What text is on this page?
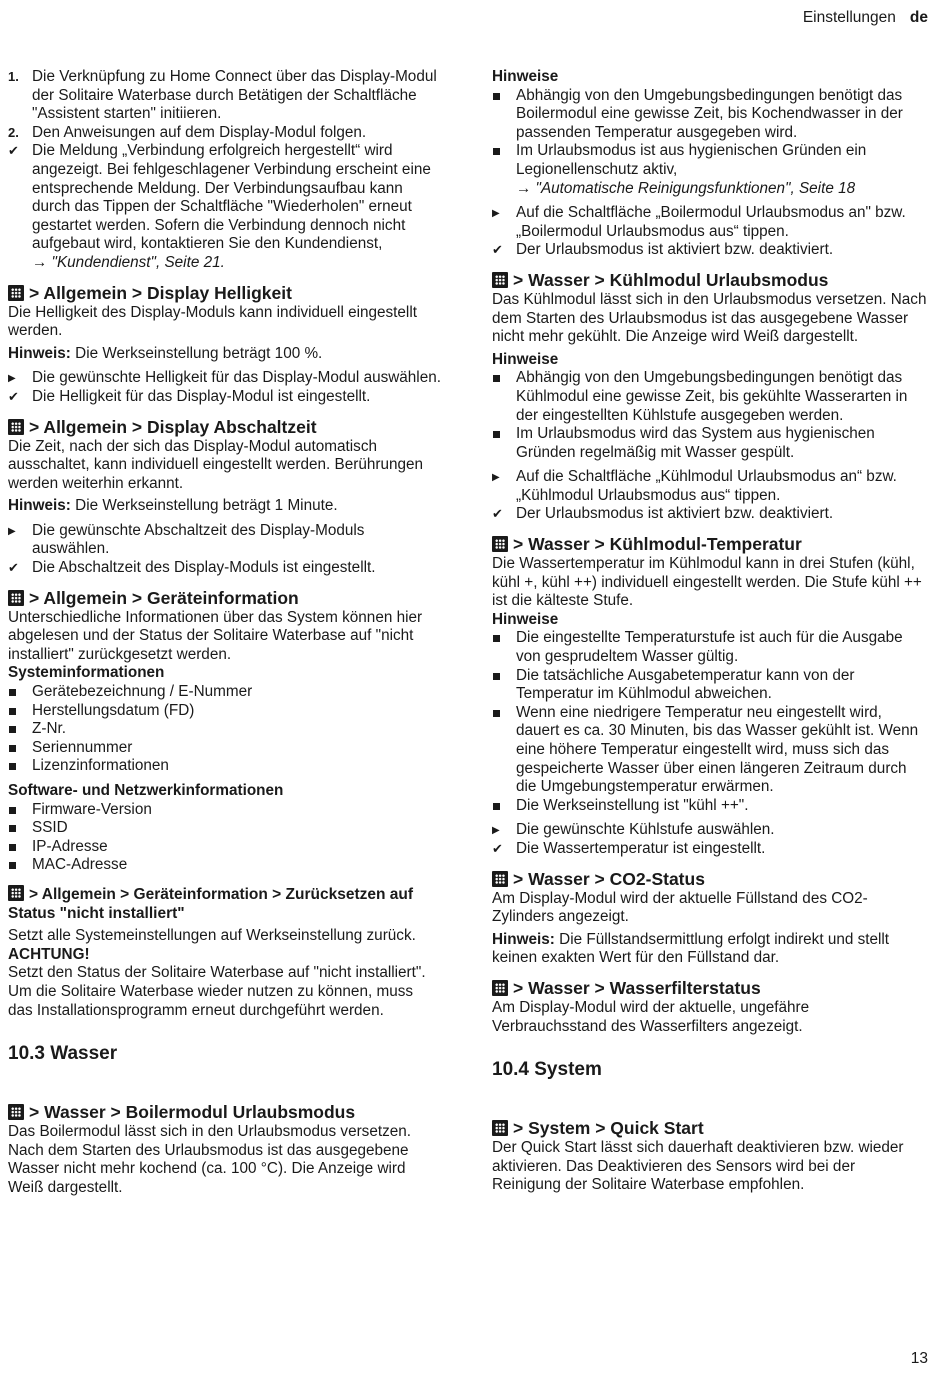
Einstellungen de
1. Die Verknüpfung zu Home Connect über das Display-Modul der Solitaire Waterbase durch Betätigen der Schaltfläche "Assistent starten" initiieren.

2. Den Anweisungen auf dem Display-Modul folgen.

✔ Die Meldung „Verbindung erfolgreich hergestellt“ wird angezeigt. Bei fehlgeschlagener Verbindung erscheint eine entsprechende Meldung. Der Verbindungsaufbau kann durch das Tippen der Schaltfläche "Wiederholen" erneut gestartet werden. Sofern die Verbindung dennoch nicht aufgebaut wird, kontaktieren Sie den Kundendienst,

→ "Kundendienst", Seite 21.

> Allgemein > Display Helligkeit

Die Helligkeit des Display-Moduls kann individuell eingestellt werden.

Hinweis: Die Werkseinstellung beträgt 100 %.

▶	Die gewünschte Helligkeit für das Display-Modul auswählen.

✔ Die Helligkeit für das Display-Modul ist eingestellt.

> Allgemein > Display Abschaltzeit

Die Zeit, nach der sich das Display-Modul automatisch ausschaltet, kann individuell eingestellt werden. Berührungen werden weiterhin erkannt.

Hinweis: Die Werkseinstellung beträgt 1 Minute.

▶	Die gewünschte Abschaltzeit des Display-Moduls auswählen.

✔ Die Abschaltzeit des Display-Moduls ist eingestellt.

> Allgemein > Geräteinformation

Unterschiedliche Informationen über das System können hier abgelesen und der Status der Solitaire Waterbase auf "nicht installiert" zurückgesetzt werden.

Systeminformationen

Gerätebezeichnung / E-Nummer

Herstellungsdatum (FD)

Z-Nr.

Seriennummer

Lizenzinformationen

Software- und Netzwerkinformationen

Firmware-Version

SSID

IP-Adresse

MAC-Adresse

> Allgemein > Geräteinformation > Zurücksetzen auf Status "nicht installiert"

Setzt alle Systemeinstellungen auf Werkseinstellung zurück.

ACHTUNG!

Setzt den Status der Solitaire Waterbase auf "nicht installiert". Um die Solitaire Waterbase wieder nutzen zu können, muss das Installationsprogramm erneut durchgeführt werden.

10.3 Wasser
> Wasser > Boilermodul Urlaubsmodus

Das Boilermodul lässt sich in den Urlaubsmodus versetzen. Nach dem Starten des Urlaubsmodus ist das ausgegebene Wasser nicht mehr kochend (ca. 100 °C). Die Anzeige wird Weiß dargestellt.

Hinweise

Abhängig von den Umgebungsbedingungen benötigt das Boilermodul eine gewisse Zeit, bis Kochendwasser in der passenden Temperatur ausgegeben wird.

Im Urlaubsmodus ist aus hygienischen Gründen ein Legionellenschutz aktiv,

→ "Automatische Reinigungsfunktionen", Seite 18

▶	Auf die Schaltfläche „Boilermodul Urlaubsmodus an" bzw. „Boilermodul Urlaubsmodus aus“ tippen.

✔ Der Urlaubsmodus ist aktiviert bzw. deaktiviert.

> Wasser > Kühlmodul Urlaubsmodus

Das Kühlmodul lässt sich in den Urlaubsmodus versetzen. Nach dem Starten des Urlaubsmodus ist das ausgegebene Wasser nicht mehr gekühlt. Die Anzeige wird Weiß dargestellt.

Hinweise

Abhängig von den Umgebungsbedingungen benötigt das Kühlmodul eine gewisse Zeit, bis gekühlte Wasserarten in der eingestellten Kühlstufe ausgegeben werden.

Im Urlaubsmodus wird das System aus hygienischen Gründen regelmäßig mit Wasser gespült.

▶	Auf die Schaltfläche „Kühlmodul Urlaubsmodus an“ bzw. „Kühlmodul Urlaubsmodus aus“ tippen.

✔ Der Urlaubsmodus ist aktiviert bzw. deaktiviert.

> Wasser > Kühlmodul-Temperatur

Die Wassertemperatur im Kühlmodul kann in drei Stufen (kühl, kühl +, kühl ++) individuell eingestellt werden. Die Stufe kühl ++ ist die kälteste Stufe.

Hinweise

Die eingestellte Temperaturstufe ist auch für die Ausgabe von gesprudeltem Wasser gültig.

Die tatsächliche Ausgabetemperatur kann von der Temperatur im Kühlmodul abweichen.

Wenn eine niedrigere Temperatur neu eingestellt wird, dauert es ca. 30 Minuten, bis das Wasser gekühlt ist. Wenn eine höhere Temperatur eingestellt wird, muss sich das gespeicherte Wasser über einen längeren Zeitraum durch die Umgebungstemperatur erwärmen.

Die Werkseinstellung ist "kühl ++".

▶	Die gewünschte Kühlstufe auswählen.

✔ Die Wassertemperatur ist eingestellt.

> Wasser > CO2-Status

Am Display-Modul wird der aktuelle Füllstand des CO2-Zylinders angezeigt.

Hinweis: Die Füllstandsermittlung erfolgt indirekt und stellt keinen exakten Wert für den Füllstand dar.

> Wasser > Wasserfilterstatus

Am Display-Modul wird der aktuelle, ungefähre Verbrauchsstand des Wasserfilters angezeigt.

10.4 System
> System > Quick Start

Der Quick Start lässt sich dauerhaft deaktivieren bzw. wieder aktivieren. Das Deaktivieren des Sensors wird bei der Reinigung der Solitaire Waterbase empfohlen.

13
